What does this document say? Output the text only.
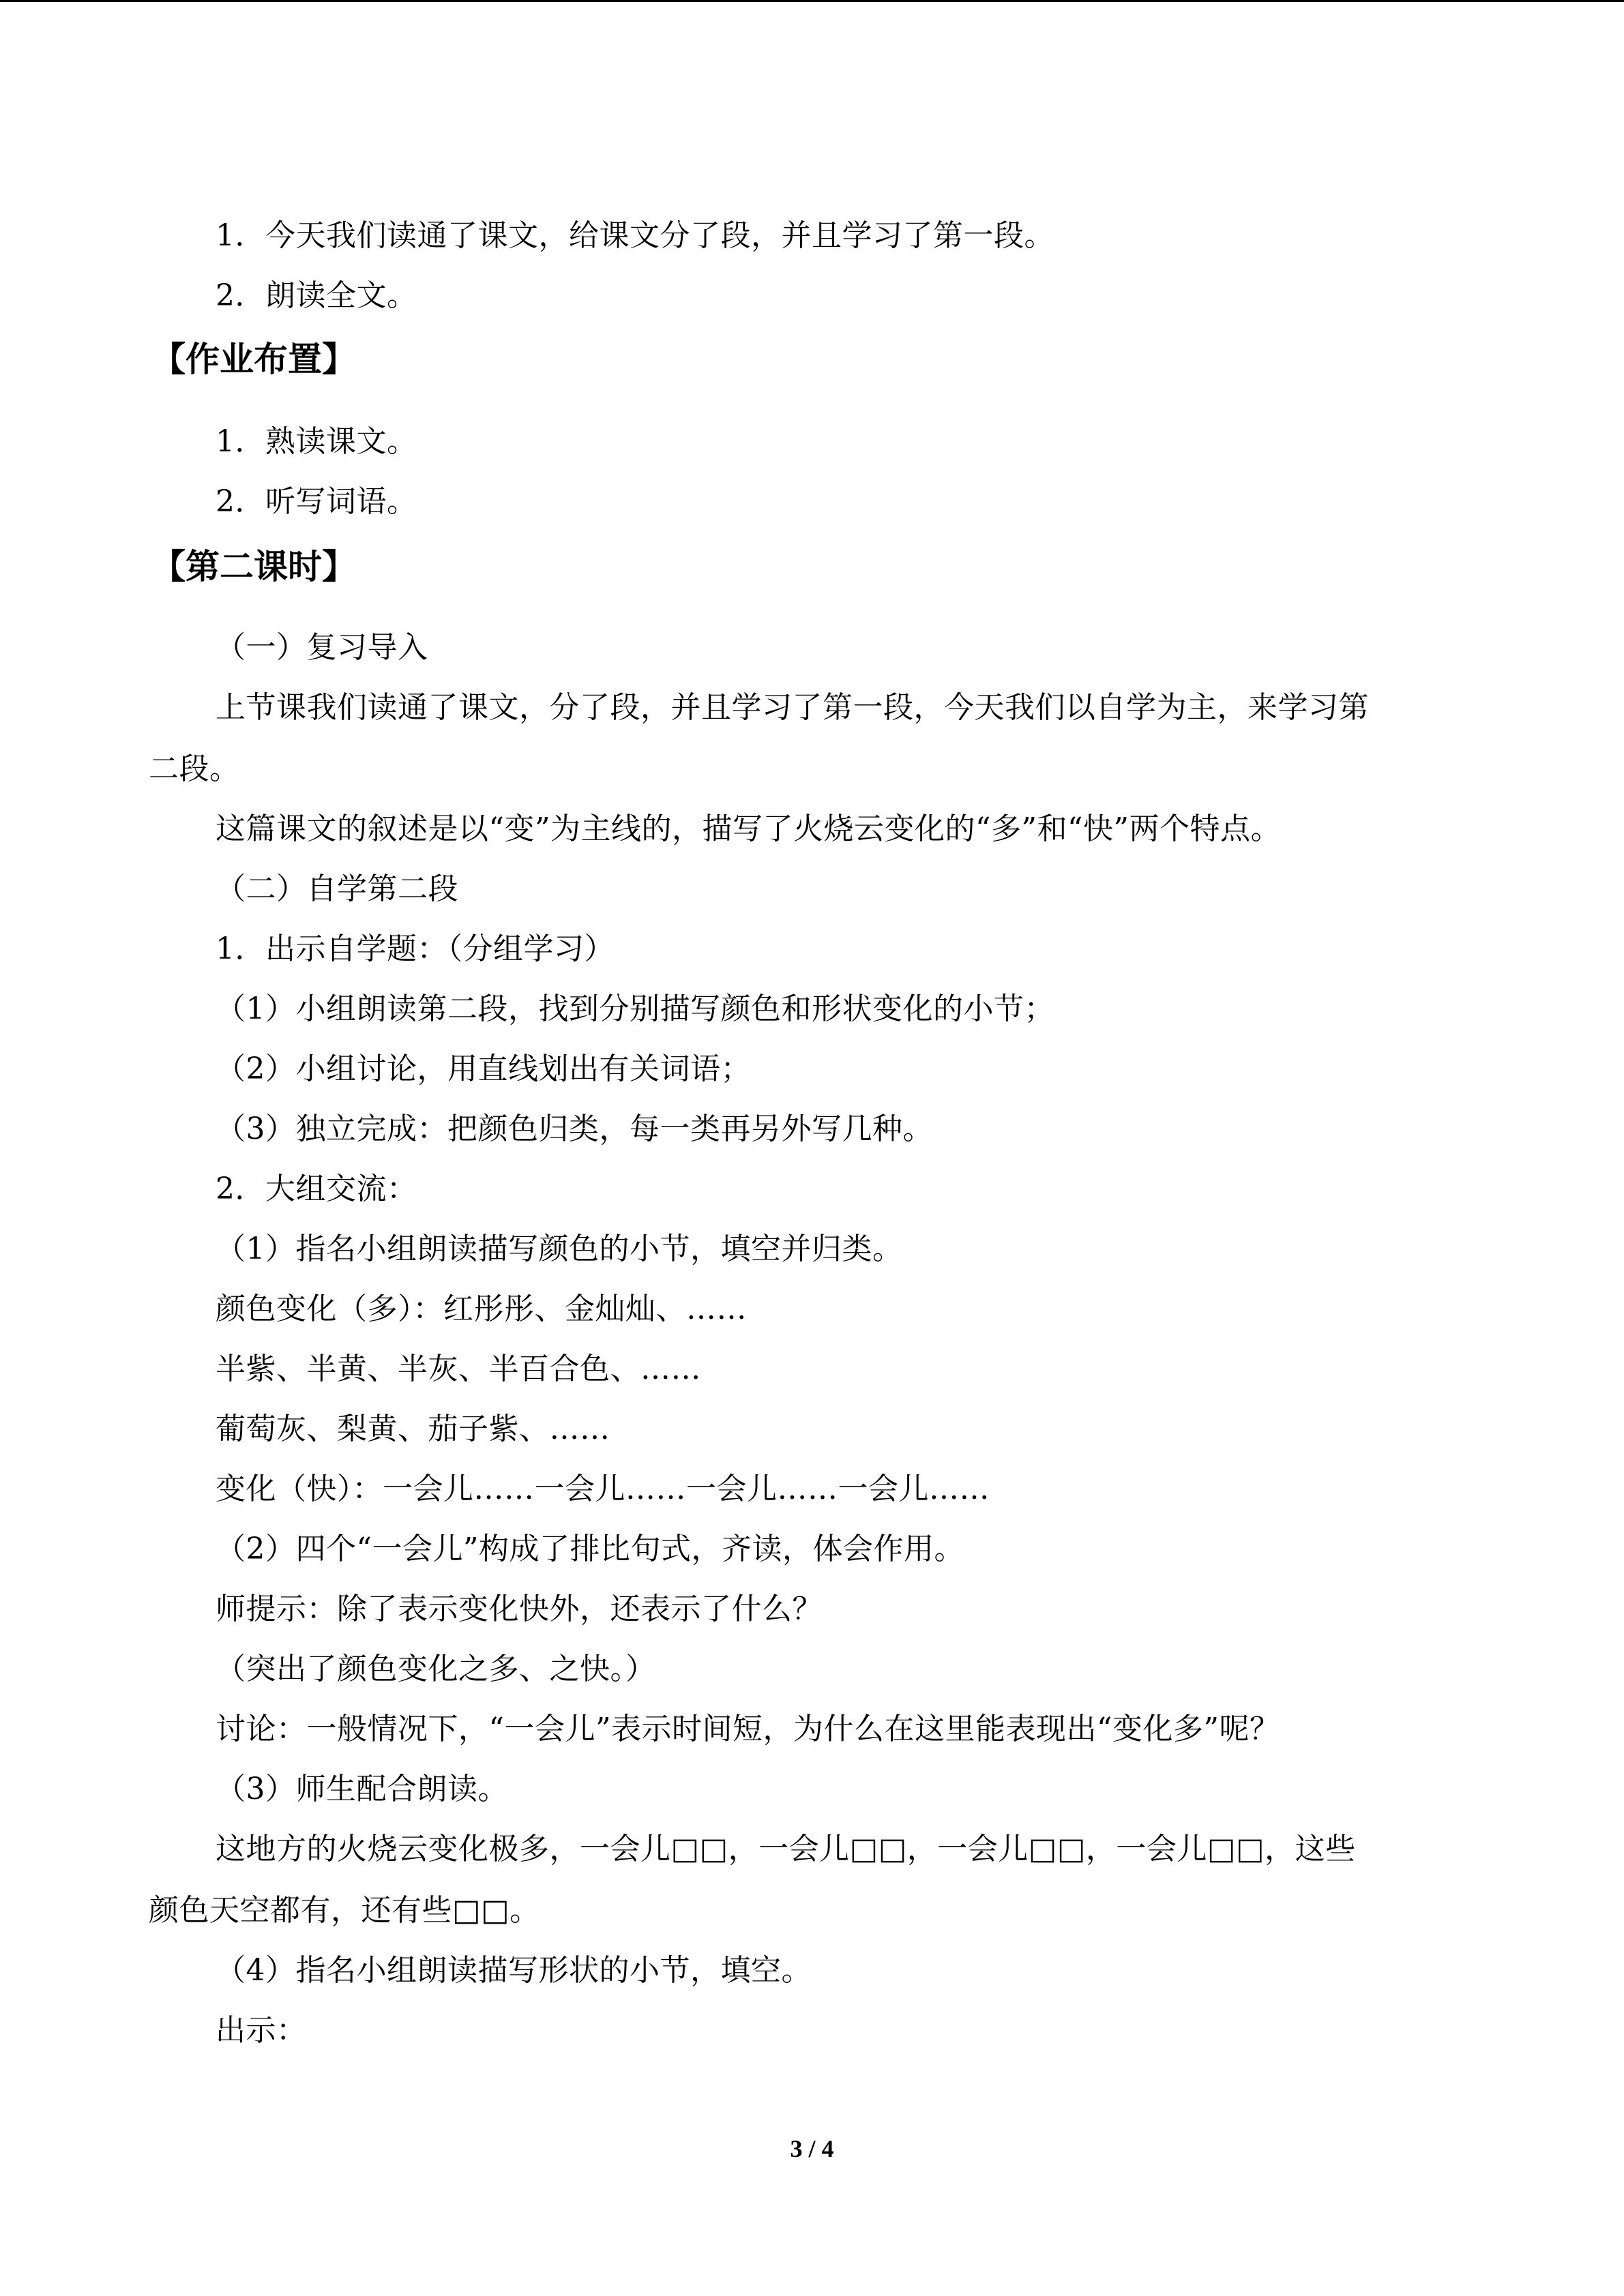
1．今天我们读通了课文，给课文分了段，并且学习了第一段。
2．朗读全文。
【作业布置】
1．熟读课文。
2．听写词语。
【第二课时】
（一）复习导入
上节课我们读通了课文，分了段，并且学习了第一段，今天我们以自学为主，来学习第
二段。
这篇课文的叙述是以“变”为主线的，描写了火烧云变化的“多”和“快”两个特点。
（二）自学第二段
1．出示自学题：（分组学习）
（1）小组朗读第二段，找到分别描写颜色和形状变化的小节；
（2）小组讨论，用直线划出有关词语；
（3）独立完成：把颜色归类，每一类再另外写几种。
2．大组交流：
（1）指名小组朗读描写颜色的小节，填空并归类。
颜色变化（多）：红彤彤、金灿灿、……
半紫、半黄、半灰、半百合色、……
葡萄灰、梨黄、茄子紫、……
变化（快）：一会儿……一会儿……一会儿……一会儿……
（2）四个“一会儿”构成了排比句式，齐读，体会作用。
师提示：除了表示变化快外，还表示了什么？
（突出了颜色变化之多、之快。）
讨论：一般情况下，“一会儿”表示时间短，为什么在这里能表现出“变化多”呢？
（3）师生配合朗读。
这地方的火烧云变化极多，一会儿□□，一会儿□□，一会儿□□，一会儿□□，这些
颜色天空都有，还有些□□。
（4）指名小组朗读描写形状的小节，填空。
出示：
3 / 4
